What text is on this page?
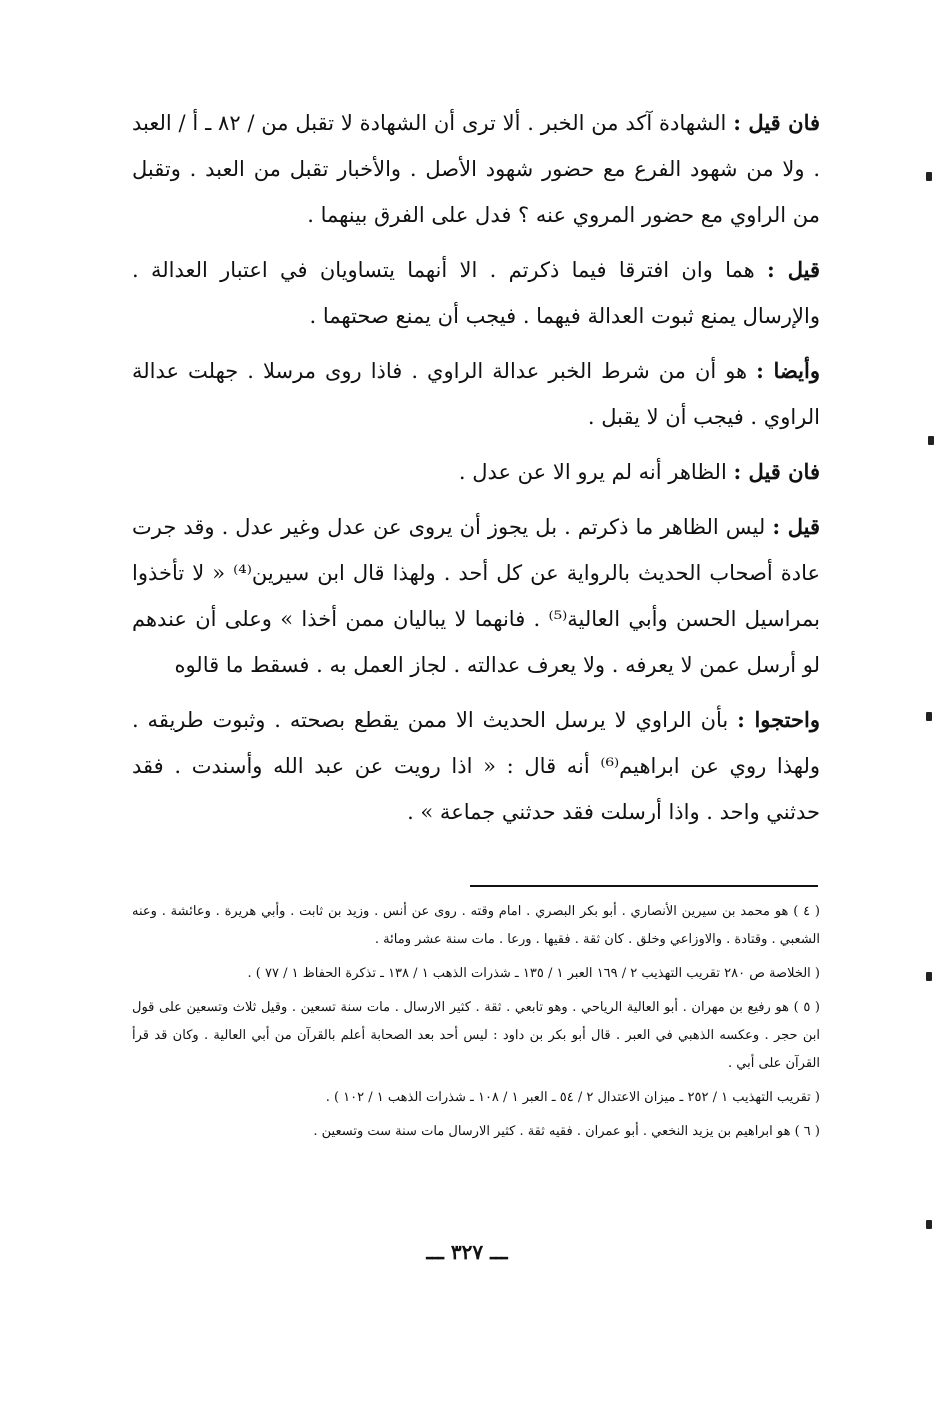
فان قيل : الشهادة آكد من الخبر . ألا ترى أن الشهادة لا تقبل من / ٨٢ ـ أ / العبد . ولا من شهود الفرع مع حضور شهود الأصل . والأخبار تقبل من العبد . وتقبل من الراوي مع حضور المروي عنه ؟ فدل على الفرق بينهما .

قيل : هما وان افترقا فيما ذكرتم . الا أنهما يتساويان في اعتبار العدالة . والإرسال يمنع ثبوت العدالة فيهما . فيجب أن يمنع صحتهما .

وأيضا : هو أن من شرط الخبر عدالة الراوي . فاذا روى مرسلا . جهلت عدالة الراوي . فيجب أن لا يقبل .

فان قيل : الظاهر أنه لم يرو الا عن عدل .

قيل : ليس الظاهر ما ذكرتم . بل يجوز أن يروى عن عدل وغير عدل . وقد جرت عادة أصحاب الحديث بالرواية عن كل أحد . ولهذا قال ابن سيرين⁽⁴⁾ « لا تأخذوا بمراسيل الحسن وأبي العالية⁽⁵⁾ . فانهما لا يباليان ممن أخذا » وعلى أن عندهم لو أرسل عمن لا يعرفه . ولا يعرف عدالته . لجاز العمل به . فسقط ما قالوه

واحتجوا : بأن الراوي لا يرسل الحديث الا ممن يقطع بصحته . وثبوت طريقه . ولهذا روي عن ابراهيم⁽⁶⁾ أنه قال : « اذا رويت عن عبد الله وأسندت . فقد حدثني واحد . واذا أرسلت فقد حدثني جماعة » .

( ٤ ) هو محمد بن سيرين الأنصاري . أبو بكر البصري . امام وقته . روى عن أنس . وزيد بن ثابت . وأبي هريرة . وعائشة . وعنه الشعبي . وقتادة . والاوزاعي وخلق . كان ثقة . فقيها . ورعا . مات سنة عشر ومائة .

( الخلاصة ص ٢٨٠ تقريب التهذيب ٢ / ١٦٩ العبر ١ / ١٣٥ ـ شذرات الذهب ١ / ١٣٨ ـ تذكرة الحفاظ ١ / ٧٧ ) .

( ٥ ) هو رفيع بن مهران . أبو العالية الرياحي . وهو تابعي . ثقة . كثير الارسال . مات سنة تسعين . وقيل ثلاث وتسعين على قول ابن حجر . وعكسه الذهبي في العبر . قال أبو بكر بن داود : ليس أحد بعد الصحابة أعلم بالقرآن من أبي العالية . وكان قد قرأ القرآن على أبي .

( تقريب التهذيب ١ / ٢٥٢ ـ ميزان الاعتدال ٢ / ٥٤ ـ العبر ١ / ١٠٨ ـ شذرات الذهب ١ / ١٠٢ ) .

( ٦ ) هو ابراهيم بن يزيد النخعي . أبو عمران . فقيه ثقة . كثير الارسال مات سنة ست وتسعين .

ـــ ٣٢٧ ـــ
